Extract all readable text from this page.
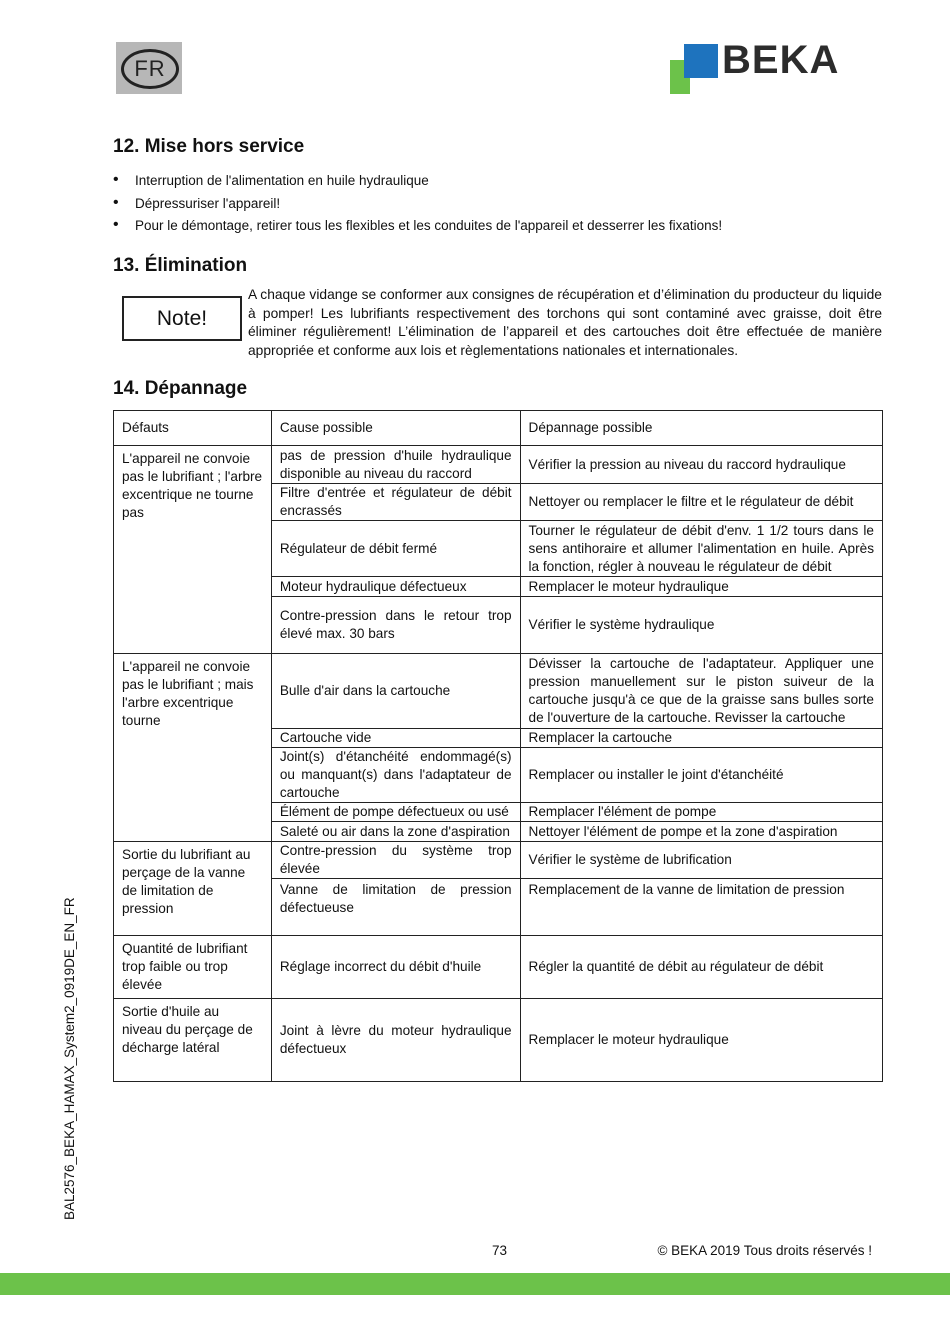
FR	BEKA
12. Mise hors service
• Interruption de l'alimentation en huile hydraulique
• Dépressuriser l'appareil!
• Pour le démontage, retirer tous les flexibles et les conduites de l'appareil et desserrer les fixations!
13. Élimination
Note!

A chaque vidange se conformer aux consignes de récupération et d’élimination du producteur du liquide à pomper! Les lubrifiants respectivement des torchons qui sont contaminé avec graisse, doit être éliminer régulièrement! L’élimination de l’appareil et des cartouches doit être effectuée de manière appropriée et conforme aux lois et règlementations nationales et internationales.

14. Dépannage
Défauts	Cause possible	Dépannage possible
L'appareil ne convoie pas le lubrifiant ; l'arbre excentrique ne tourne pas	pas de pression d'huile hydraulique disponible au niveau du raccord	Vérifier la pression au niveau du raccord hydraulique
	Filtre d'entrée et régulateur de débit encrassés	Nettoyer ou remplacer le filtre et le régulateur de débit
	Régulateur de débit fermé	Tourner le régulateur de débit d'env. 1 1/2 tours dans le sens antihoraire et allumer l'alimentation en huile. Après la fonction, régler à nouveau le régulateur de débit
	Moteur hydraulique défectueux	Remplacer le moteur hydraulique
	Contre-pression dans le retour trop élevé max. 30 bars	Vérifier le système hydraulique
L'appareil ne convoie pas le lubrifiant ; mais l'arbre excentrique tourne	Bulle d'air dans la cartouche	Dévisser la cartouche de l'adaptateur. Appliquer une pression manuellement sur le piston suiveur de la cartouche jusqu'à ce que de la graisse sans bulles sorte de l'ouverture de la cartouche. Revisser la cartouche
	Cartouche vide	Remplacer la cartouche
	Joint(s) d'étanchéité endommagé(s) ou manquant(s) dans l'adaptateur de cartouche	Remplacer ou installer le joint d'étanchéité
	Élément de pompe défectueux ou usé	Remplacer l'élément de pompe
	Saleté ou air dans la zone d'aspiration	Nettoyer l'élément de pompe et la zone d'aspiration
Sortie du lubrifiant au perçage de la vanne de limitation de pression	Contre-pression du système trop élevée	Vérifier le système de lubrification
	Vanne de limitation de pression défectueuse	Remplacement de la vanne de limitation de pression
Quantité de lubrifiant trop faible ou trop élevée	Réglage incorrect du débit d'huile	Régler la quantité de débit au régulateur de débit
Sortie d'huile au niveau du perçage de décharge latéral	Joint à lèvre du moteur hydraulique défectueux	Remplacer le moteur hydraulique
BAL2576_BEKA_HAMAX_System2_0919DE_EN_FR
73	© BEKA 2019 Tous droits réservés !
